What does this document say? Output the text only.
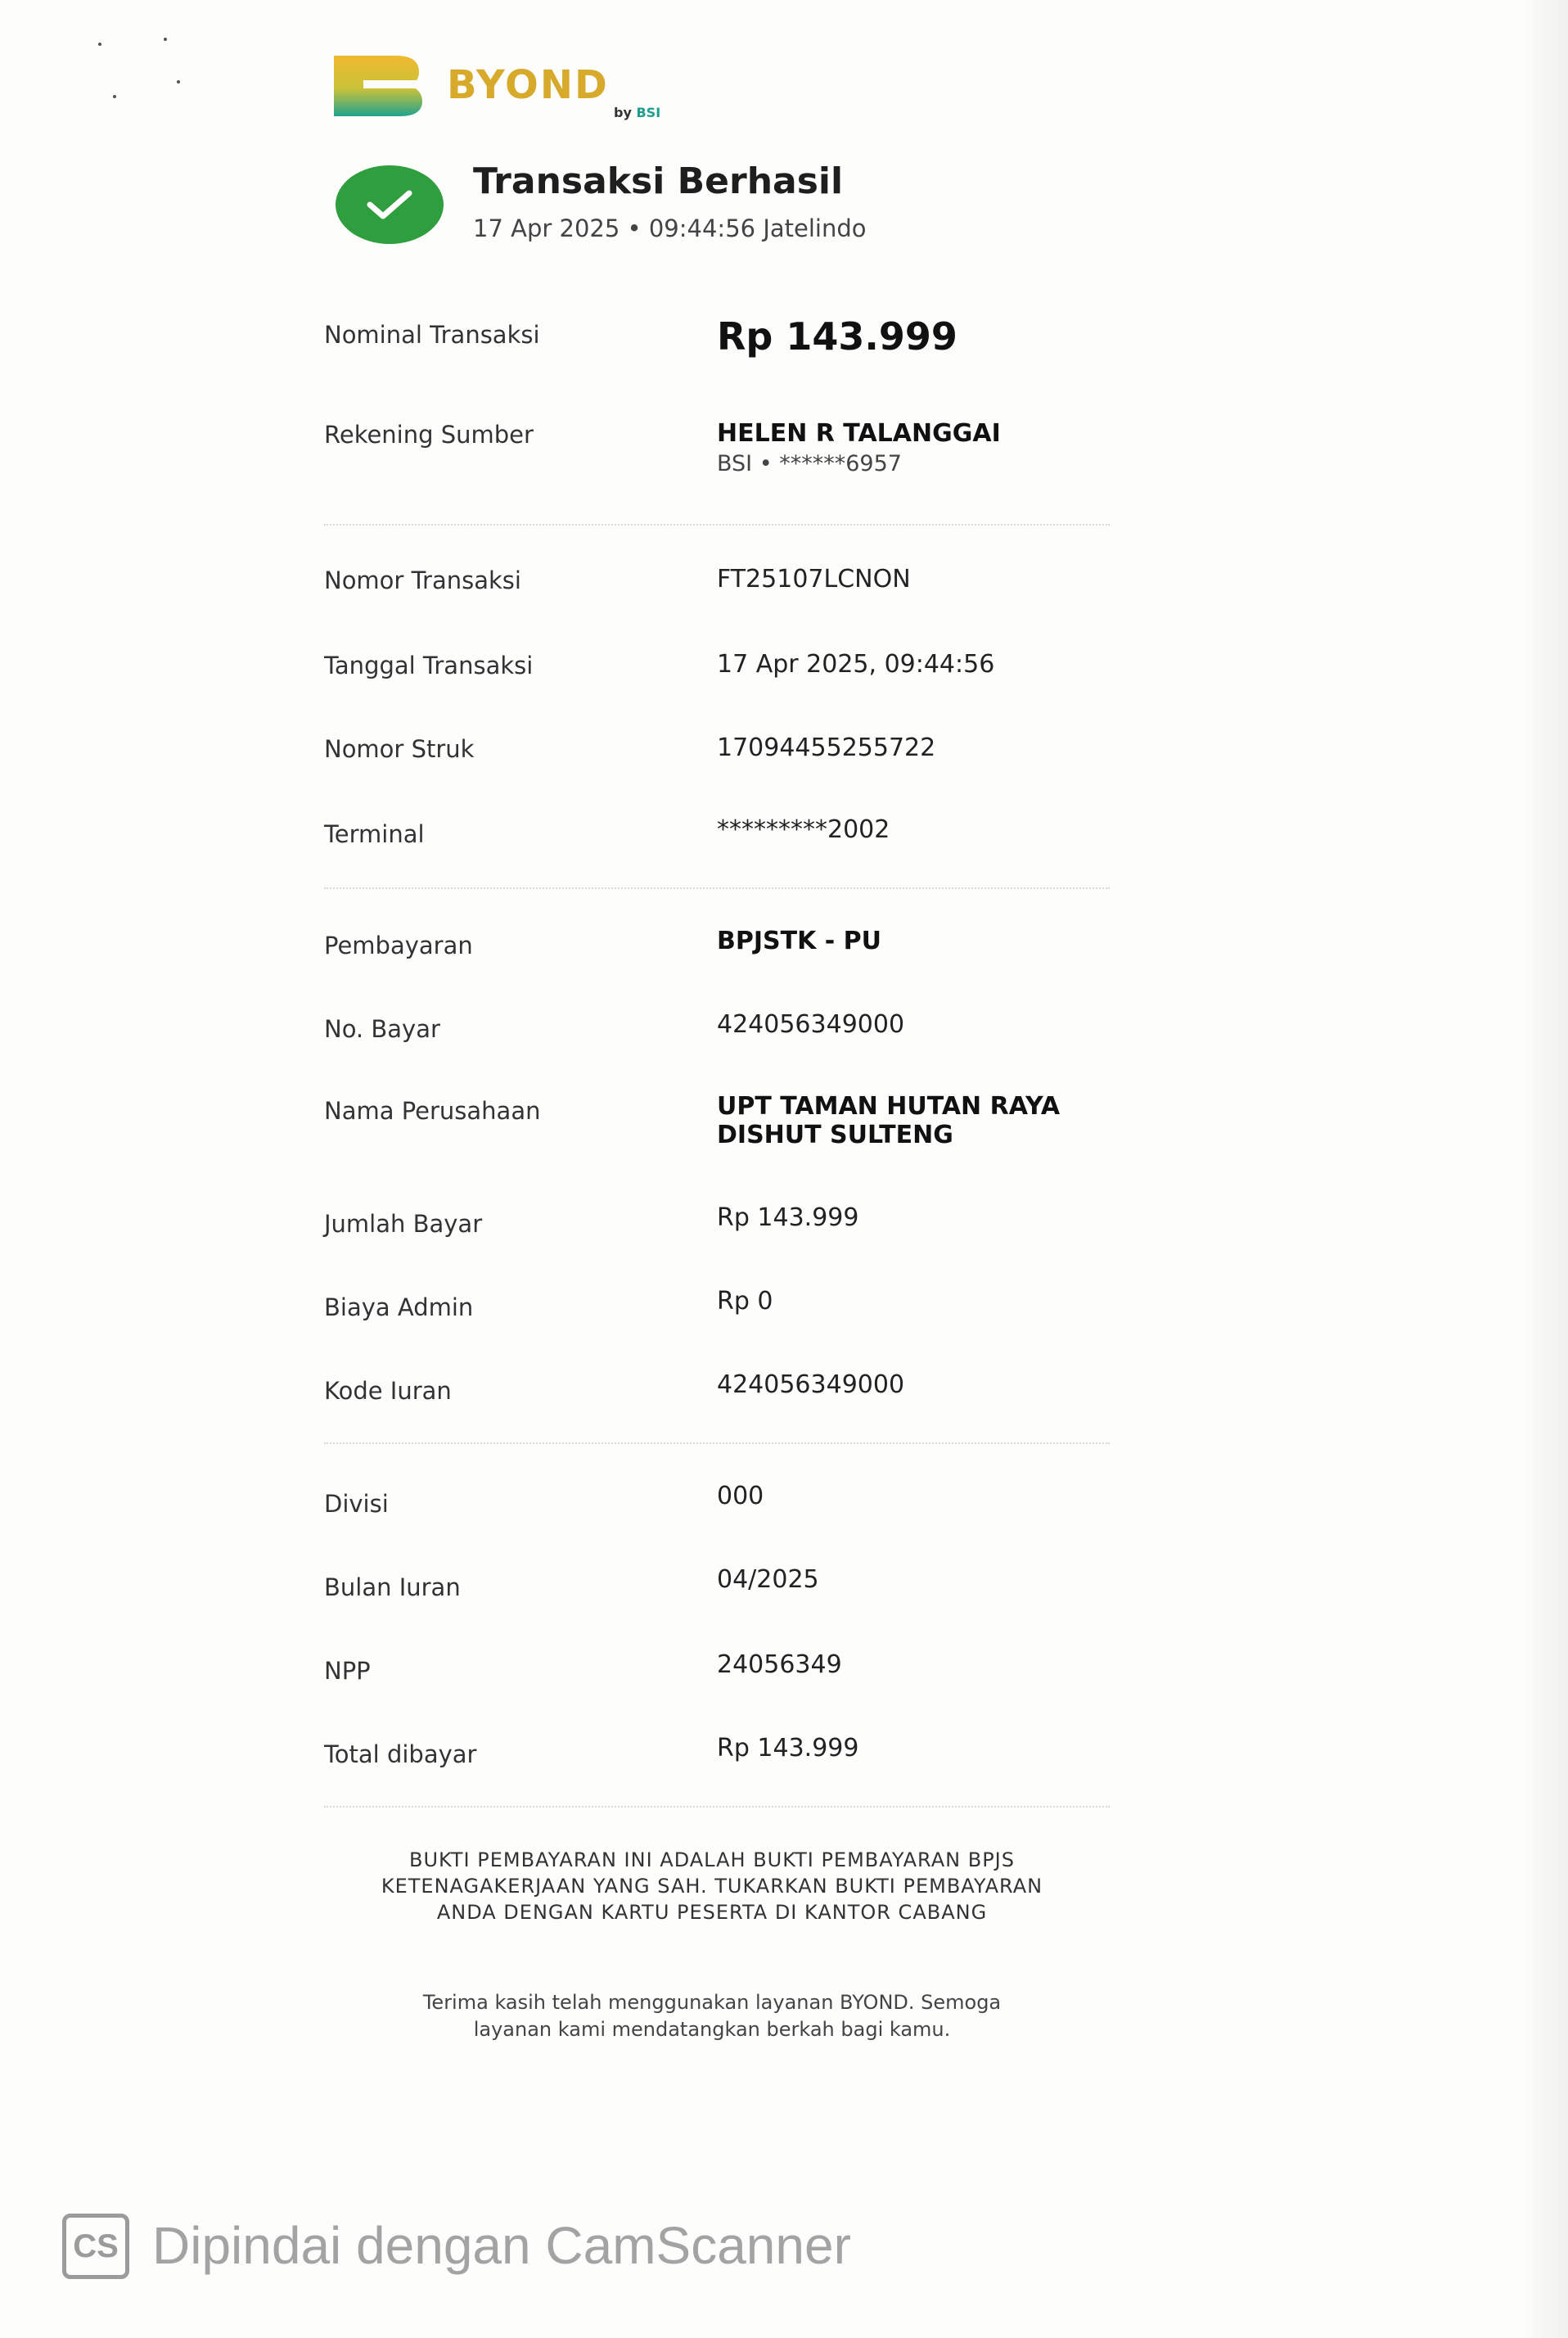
BYOND
by BSI
Transaksi Berhasil
17 Apr 2025 • 09:44:56 Jatelindo
Nominal Transaksi	Rp 143.999
Rekening Sumber	HELEN R TALANGGAI
BSI • ******6957
Nomor Transaksi	FT25107LCNON
Tanggal Transaksi	17 Apr 2025, 09:44:56
Nomor Struk	17094455255722
Terminal	*********2002
Pembayaran	BPJSTK - PU
No. Bayar	424056349000
Nama Perusahaan	UPT TAMAN HUTAN RAYA
DISHUT SULTENG
Jumlah Bayar	Rp 143.999
Biaya Admin	Rp 0
Kode Iuran	424056349000
Divisi	000
Bulan Iuran	04/2025
NPP	24056349
Total dibayar	Rp 143.999
BUKTI PEMBAYARAN INI ADALAH BUKTI PEMBAYARAN BPJS
KETENAGAKERJAAN YANG SAH. TUKARKAN BUKTI PEMBAYARAN
ANDA DENGAN KARTU PESERTA DI KANTOR CABANG
Terima kasih telah menggunakan layanan BYOND. Semoga
layanan kami mendatangkan berkah bagi kamu.
CS Dipindai dengan CamScanner
